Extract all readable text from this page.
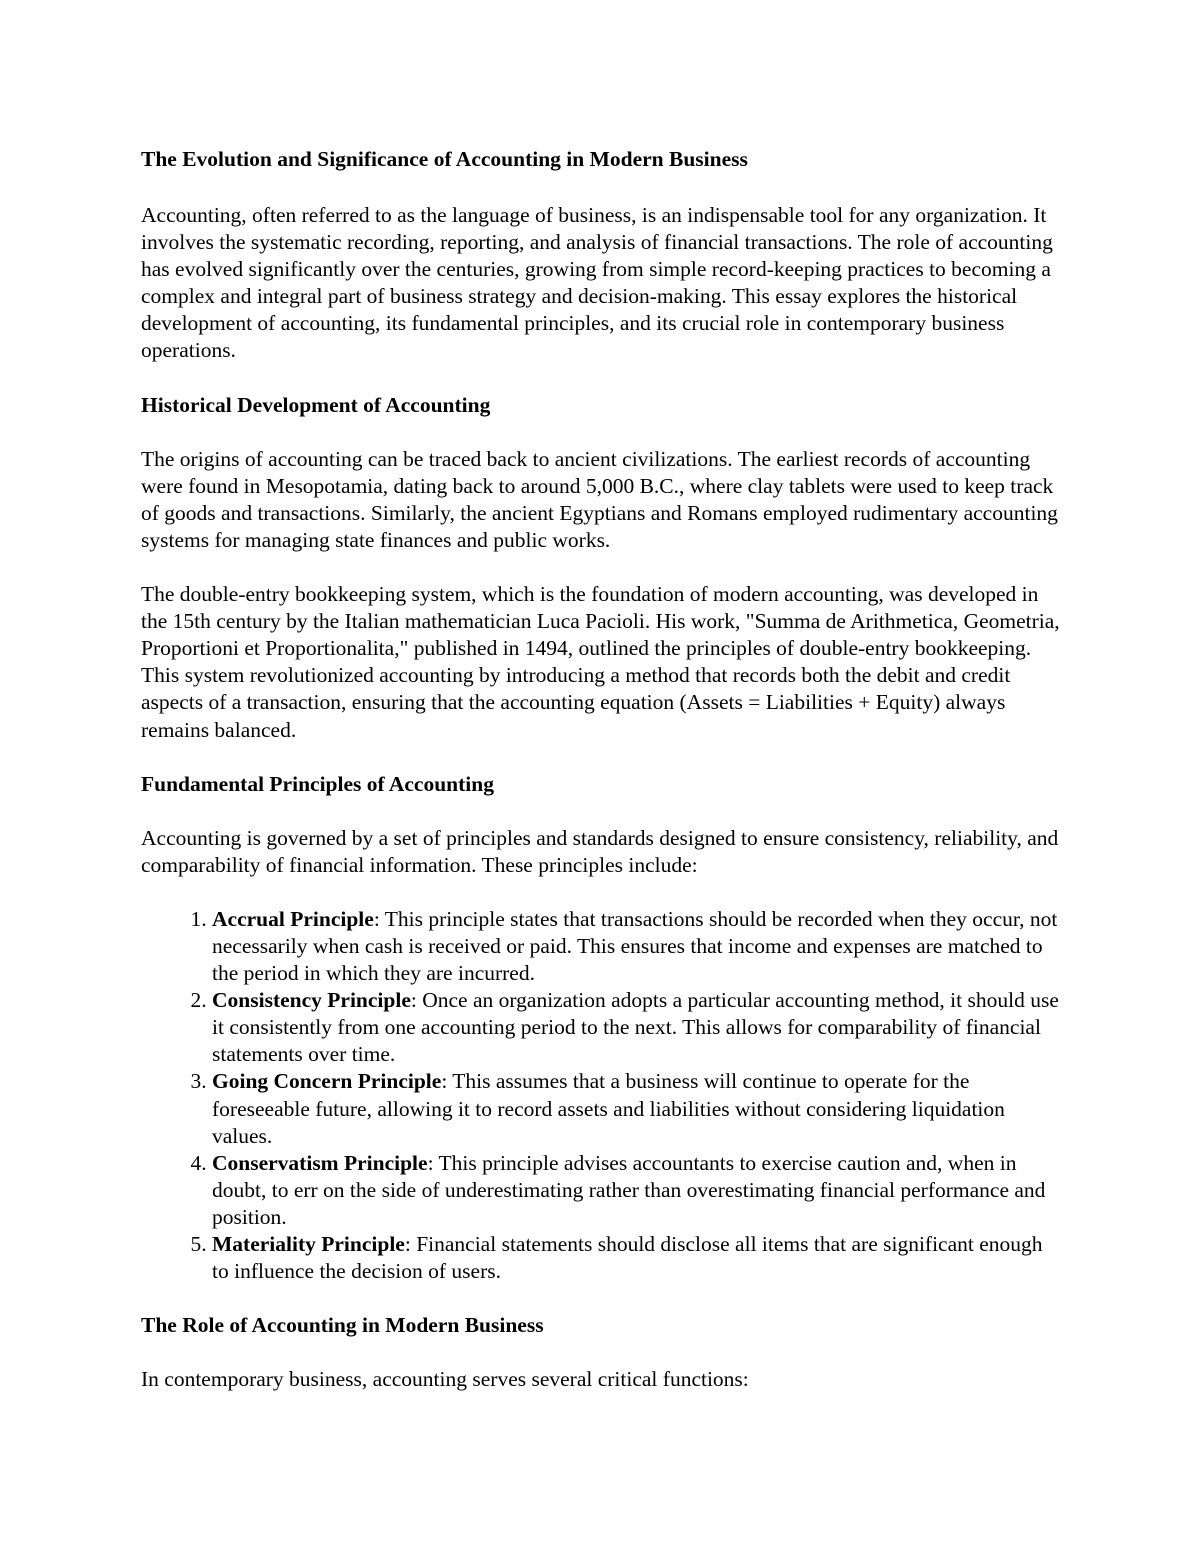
The Evolution and Significance of Accounting in Modern Business

Accounting, often referred to as the language of business, is an indispensable tool for any organization. It involves the systematic recording, reporting, and analysis of financial transactions. The role of accounting has evolved significantly over the centuries, growing from simple record-keeping practices to becoming a complex and integral part of business strategy and decision-making. This essay explores the historical development of accounting, its fundamental principles, and its crucial role in contemporary business operations.

Historical Development of Accounting

The origins of accounting can be traced back to ancient civilizations. The earliest records of accounting were found in Mesopotamia, dating back to around 5,000 B.C., where clay tablets were used to keep track of goods and transactions. Similarly, the ancient Egyptians and Romans employed rudimentary accounting systems for managing state finances and public works.

The double-entry bookkeeping system, which is the foundation of modern accounting, was developed in the 15th century by the Italian mathematician Luca Pacioli. His work, "Summa de Arithmetica, Geometria, Proportioni et Proportionalita," published in 1494, outlined the principles of double-entry bookkeeping. This system revolutionized accounting by introducing a method that records both the debit and credit aspects of a transaction, ensuring that the accounting equation (Assets = Liabilities + Equity) always remains balanced.

Fundamental Principles of Accounting

Accounting is governed by a set of principles and standards designed to ensure consistency, reliability, and comparability of financial information. These principles include:

1. Accrual Principle: This principle states that transactions should be recorded when they occur, not necessarily when cash is received or paid. This ensures that income and expenses are matched to the period in which they are incurred.
2. Consistency Principle: Once an organization adopts a particular accounting method, it should use it consistently from one accounting period to the next. This allows for comparability of financial statements over time.
3. Going Concern Principle: This assumes that a business will continue to operate for the foreseeable future, allowing it to record assets and liabilities without considering liquidation values.
4. Conservatism Principle: This principle advises accountants to exercise caution and, when in doubt, to err on the side of underestimating rather than overestimating financial performance and position.
5. Materiality Principle: Financial statements should disclose all items that are significant enough to influence the decision of users.
The Role of Accounting in Modern Business

In contemporary business, accounting serves several critical functions:
